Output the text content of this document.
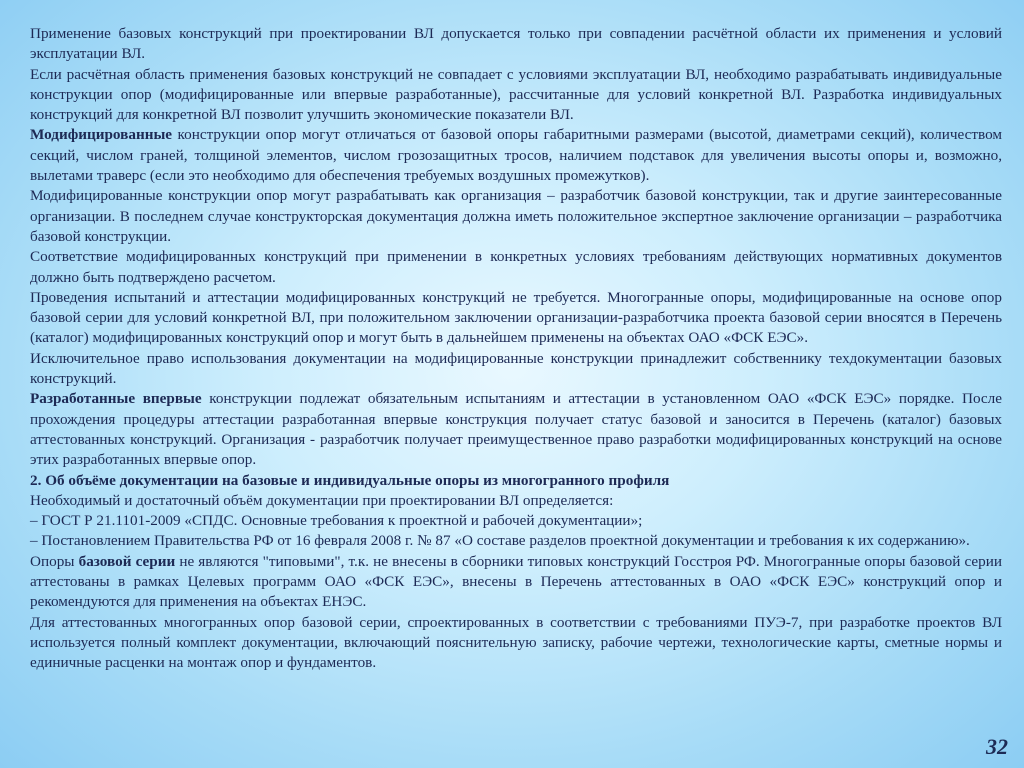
Применение базовых конструкций при проектировании ВЛ допускается только при совпадении расчётной области их применения и условий эксплуатации ВЛ.

Если расчётная область применения базовых конструкций не совпадает с условиями эксплуатации ВЛ, необходимо разрабатывать индивидуальные конструкции опор (модифицированные или впервые разработанные), рассчитанные для условий конкретной ВЛ. Разработка индивидуальных конструкций для конкретной ВЛ позволит улучшить экономические показатели ВЛ.

Модифицированные конструкции опор могут отличаться от базовой опоры габаритными размерами (высотой, диаметрами секций), количеством секций, числом граней, толщиной элементов, числом грозозащитных тросов, наличием подставок для увеличения высоты опоры и, возможно, вылетами траверс (если это необходимо для обеспечения требуемых воздушных промежутков).

Модифицированные конструкции опор могут разрабатывать как организация – разработчик базовой конструкции, так и другие заинтересованные организации. В последнем случае конструкторская документация должна иметь положительное экспертное заключение организации – разработчика базовой конструкции.

Соответствие модифицированных конструкций при применении в конкретных условиях требованиям действующих нормативных документов должно быть подтверждено расчетом.

Проведения испытаний и аттестации модифицированных конструкций не требуется. Многогранные опоры, модифицированные на основе опор базовой серии для условий конкретной ВЛ, при положительном заключении организации-разработчика проекта базовой серии вносятся в Перечень (каталог) модифицированных конструкций опор и могут быть в дальнейшем применены на объектах ОАО «ФСК ЕЭС».

Исключительное право использования документации на модифицированные конструкции принадлежит собственнику техдокументации базовых конструкций.

Разработанные впервые конструкции подлежат обязательным испытаниям и аттестации в установленном ОАО «ФСК ЕЭС» порядке. После прохождения процедуры аттестации разработанная впервые конструкция получает статус базовой и заносится в Перечень (каталог) базовых аттестованных конструкций. Организация - разработчик получает преимущественное право разработки модифицированных конструкций на основе этих разработанных впервые опор.

2. Об объёме документации на базовые и индивидуальные опоры из многогранного профиля

Необходимый и достаточный объём документации при проектировании ВЛ определяется:

– ГОСТ Р 21.1101-2009 «СПДС. Основные требования к проектной и рабочей документации»;

– Постановлением Правительства РФ от 16 февраля 2008 г. № 87 «О составе разделов проектной документации и требования к их содержанию».

Опоры базовой серии не являются "типовыми", т.к. не внесены в сборники типовых конструкций Госстроя РФ. Многогранные опоры базовой серии аттестованы в рамках Целевых программ ОАО «ФСК ЕЭС», внесены в Перечень аттестованных в ОАО «ФСК ЕЭС» конструкций опор и рекомендуются для применения на объектах ЕНЭС.

Для аттестованных многогранных опор базовой серии, спроектированных в соответствии с требованиями ПУЭ-7, при разработке проектов ВЛ используется полный комплект документации, включающий пояснительную записку, рабочие чертежи, технологические карты, сметные нормы и единичные расценки на монтаж опор и фундаментов.

32
